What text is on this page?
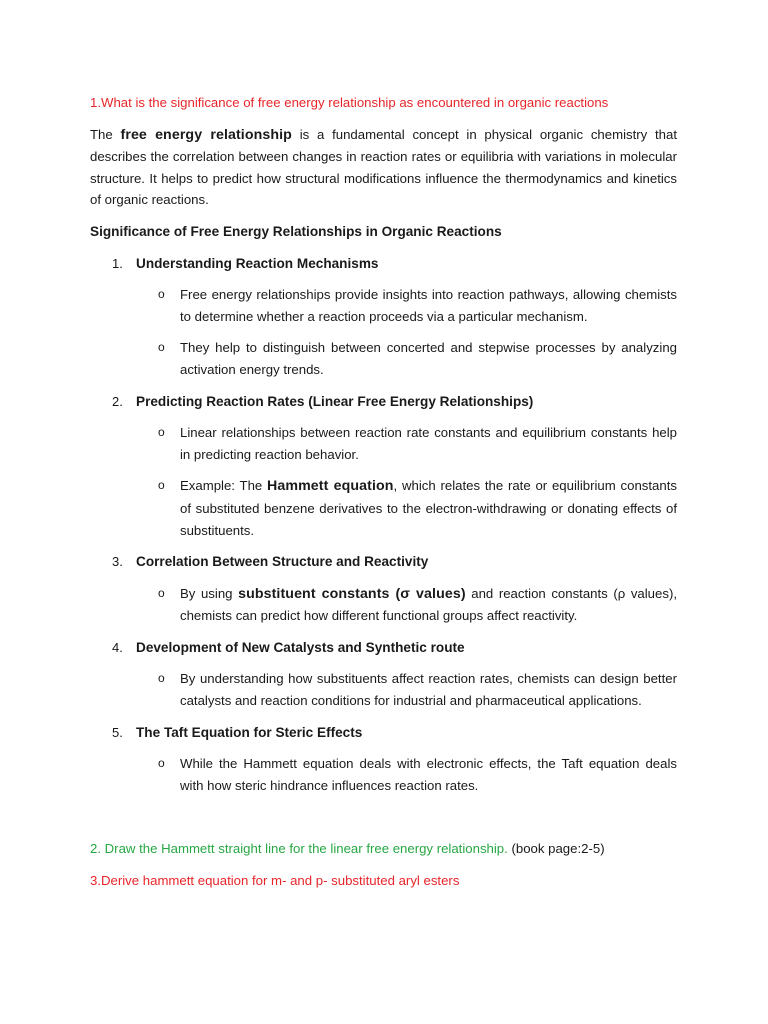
1.What is the significance of free energy relationship as encountered in organic reactions

The free energy relationship is a fundamental concept in physical organic chemistry that describes the correlation between changes in reaction rates or equilibria with variations in molecular structure. It helps to predict how structural modifications influence the thermodynamics and kinetics of organic reactions.

Significance of Free Energy Relationships in Organic Reactions

1. Understanding Reaction Mechanisms
o	Free energy relationships provide insights into reaction pathways, allowing chemists to determine whether a reaction proceeds via a particular mechanism.
o	They help to distinguish between concerted and stepwise processes by analyzing activation energy trends.
2. Predicting Reaction Rates (Linear Free Energy Relationships)
o	Linear relationships between reaction rate constants and equilibrium constants help in predicting reaction behavior.
o	Example: The Hammett equation, which relates the rate or equilibrium constants of substituted benzene derivatives to the electron-withdrawing or donating effects of substituents.
3. Correlation Between Structure and Reactivity
o	By using substituent constants (σ values) and reaction constants (ρ values), chemists can predict how different functional groups affect reactivity.
4. Development of New Catalysts and Synthetic route
o	By understanding how substituents affect reaction rates, chemists can design better catalysts and reaction conditions for industrial and pharmaceutical applications.
5. The Taft Equation for Steric Effects
o	While the Hammett equation deals with electronic effects, the Taft equation deals with how steric hindrance influences reaction rates.

2. Draw the Hammett straight line for the linear free energy relationship. (book page:2-5)

3.Derive hammett equation for m- and p- substituted aryl esters
